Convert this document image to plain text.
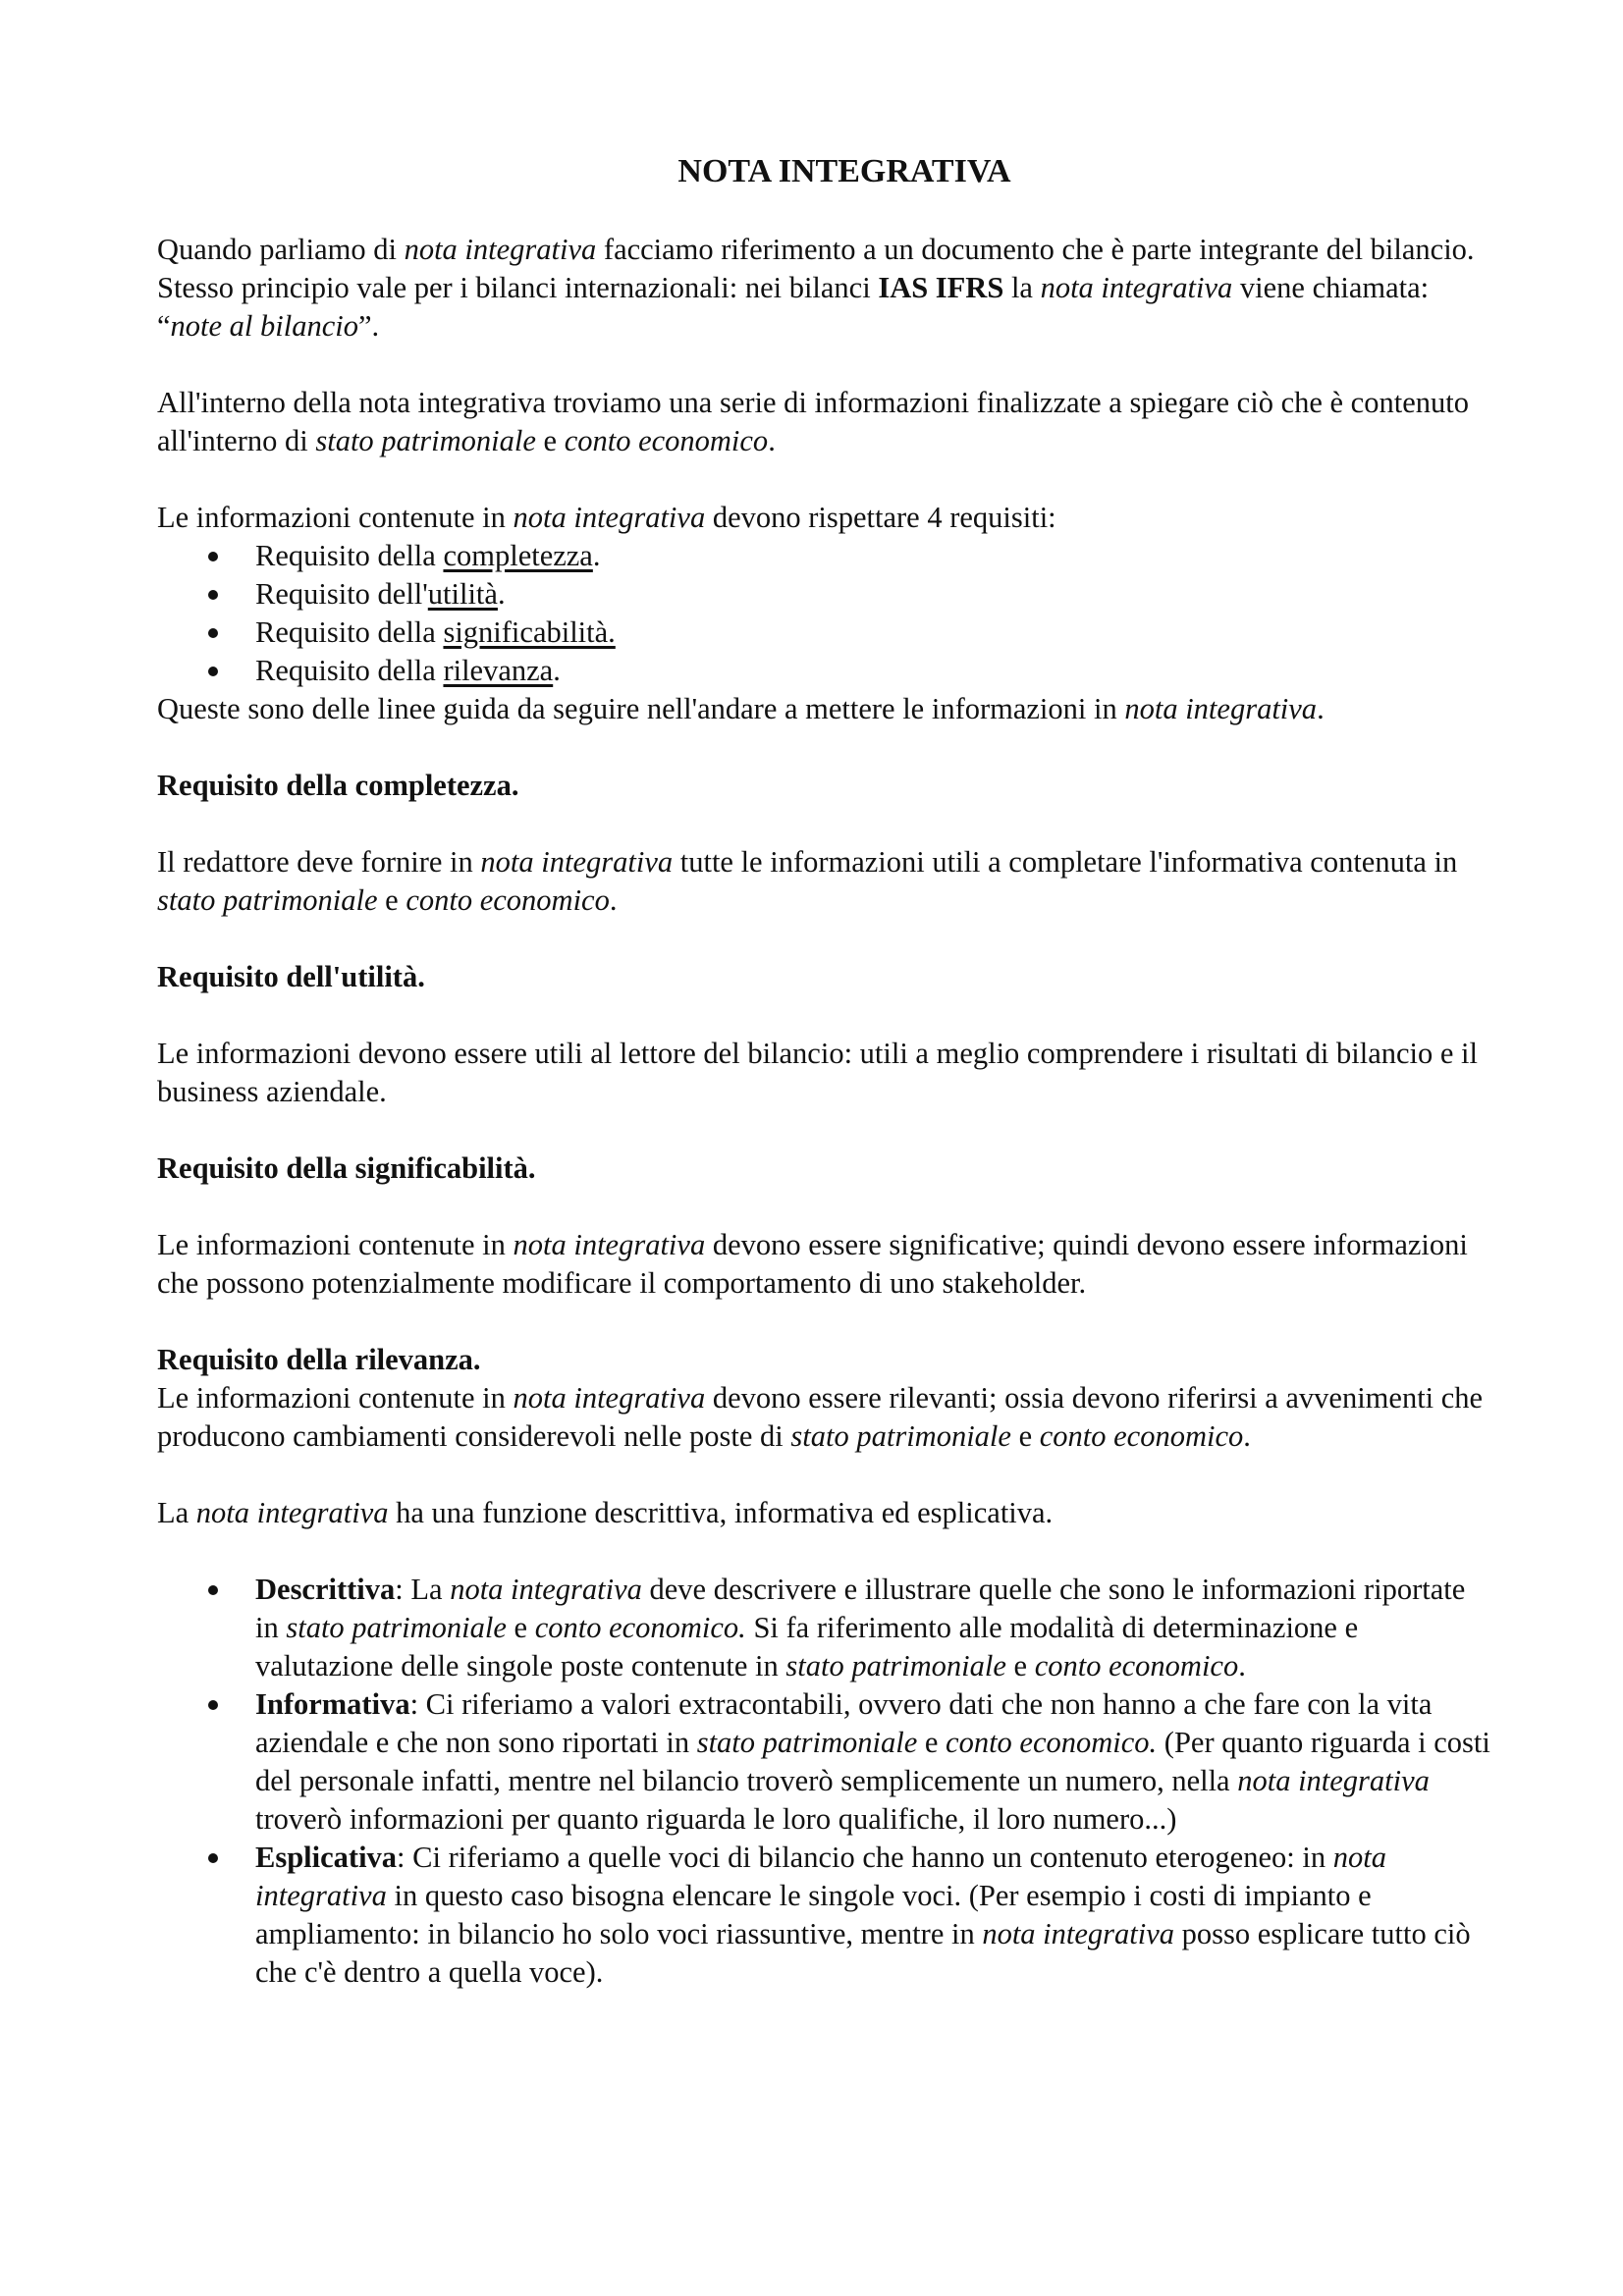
NOTA INTEGRATIVA

Quando parliamo di nota integrativa facciamo riferimento a un documento che è parte integrante del bilancio. Stesso principio vale per i bilanci internazionali: nei bilanci IAS IFRS la nota integrativa viene chiamata: “note al bilancio”.

All'interno della nota integrativa troviamo una serie di informazioni finalizzate a spiegare ciò che è contenuto all'interno di stato patrimoniale e conto economico.

Le informazioni contenute in nota integrativa devono rispettare 4 requisiti:

Requisito della completezza.
Requisito dell'utilità.
Requisito della significabilità.
Requisito della rilevanza.

Queste sono delle linee guida da seguire nell'andare a mettere le informazioni in nota integrativa.

Requisito della completezza.

Il redattore deve fornire in nota integrativa tutte le informazioni utili a completare l'informativa contenuta in stato patrimoniale e conto economico.

Requisito dell'utilità.

Le informazioni devono essere utili al lettore del bilancio: utili a meglio comprendere i risultati di bilancio e il business aziendale.

Requisito della significabilità.

Le informazioni contenute in nota integrativa devono essere significative; quindi devono essere informazioni che possono potenzialmente modificare il comportamento di uno stakeholder.

Requisito della rilevanza.

Le informazioni contenute in nota integrativa devono essere rilevanti; ossia devono riferirsi a avvenimenti che producono cambiamenti considerevoli nelle poste di stato patrimoniale e conto economico.

La nota integrativa ha una funzione descrittiva, informativa ed esplicativa.

Descrittiva: La nota integrativa deve descrivere e illustrare quelle che sono le informazioni riportate in stato patrimoniale e conto economico. Si fa riferimento alle modalità di determinazione e valutazione delle singole poste contenute in stato patrimoniale e conto economico.
Informativa: Ci riferiamo a valori extracontabili, ovvero dati che non hanno a che fare con la vita aziendale e che non sono riportati in stato patrimoniale e conto economico. (Per quanto riguarda i costi del personale infatti, mentre nel bilancio troverò semplicemente un numero, nella nota integrativa troverò informazioni per quanto riguarda le loro qualifiche, il loro numero...)
Esplicativa: Ci riferiamo a quelle voci di bilancio che hanno un contenuto eterogeneo: in nota integrativa in questo caso bisogna elencare le singole voci. (Per esempio i costi di impianto e ampliamento: in bilancio ho solo voci riassuntive, mentre in nota integrativa posso esplicare tutto ciò che c'è dentro a quella voce).
